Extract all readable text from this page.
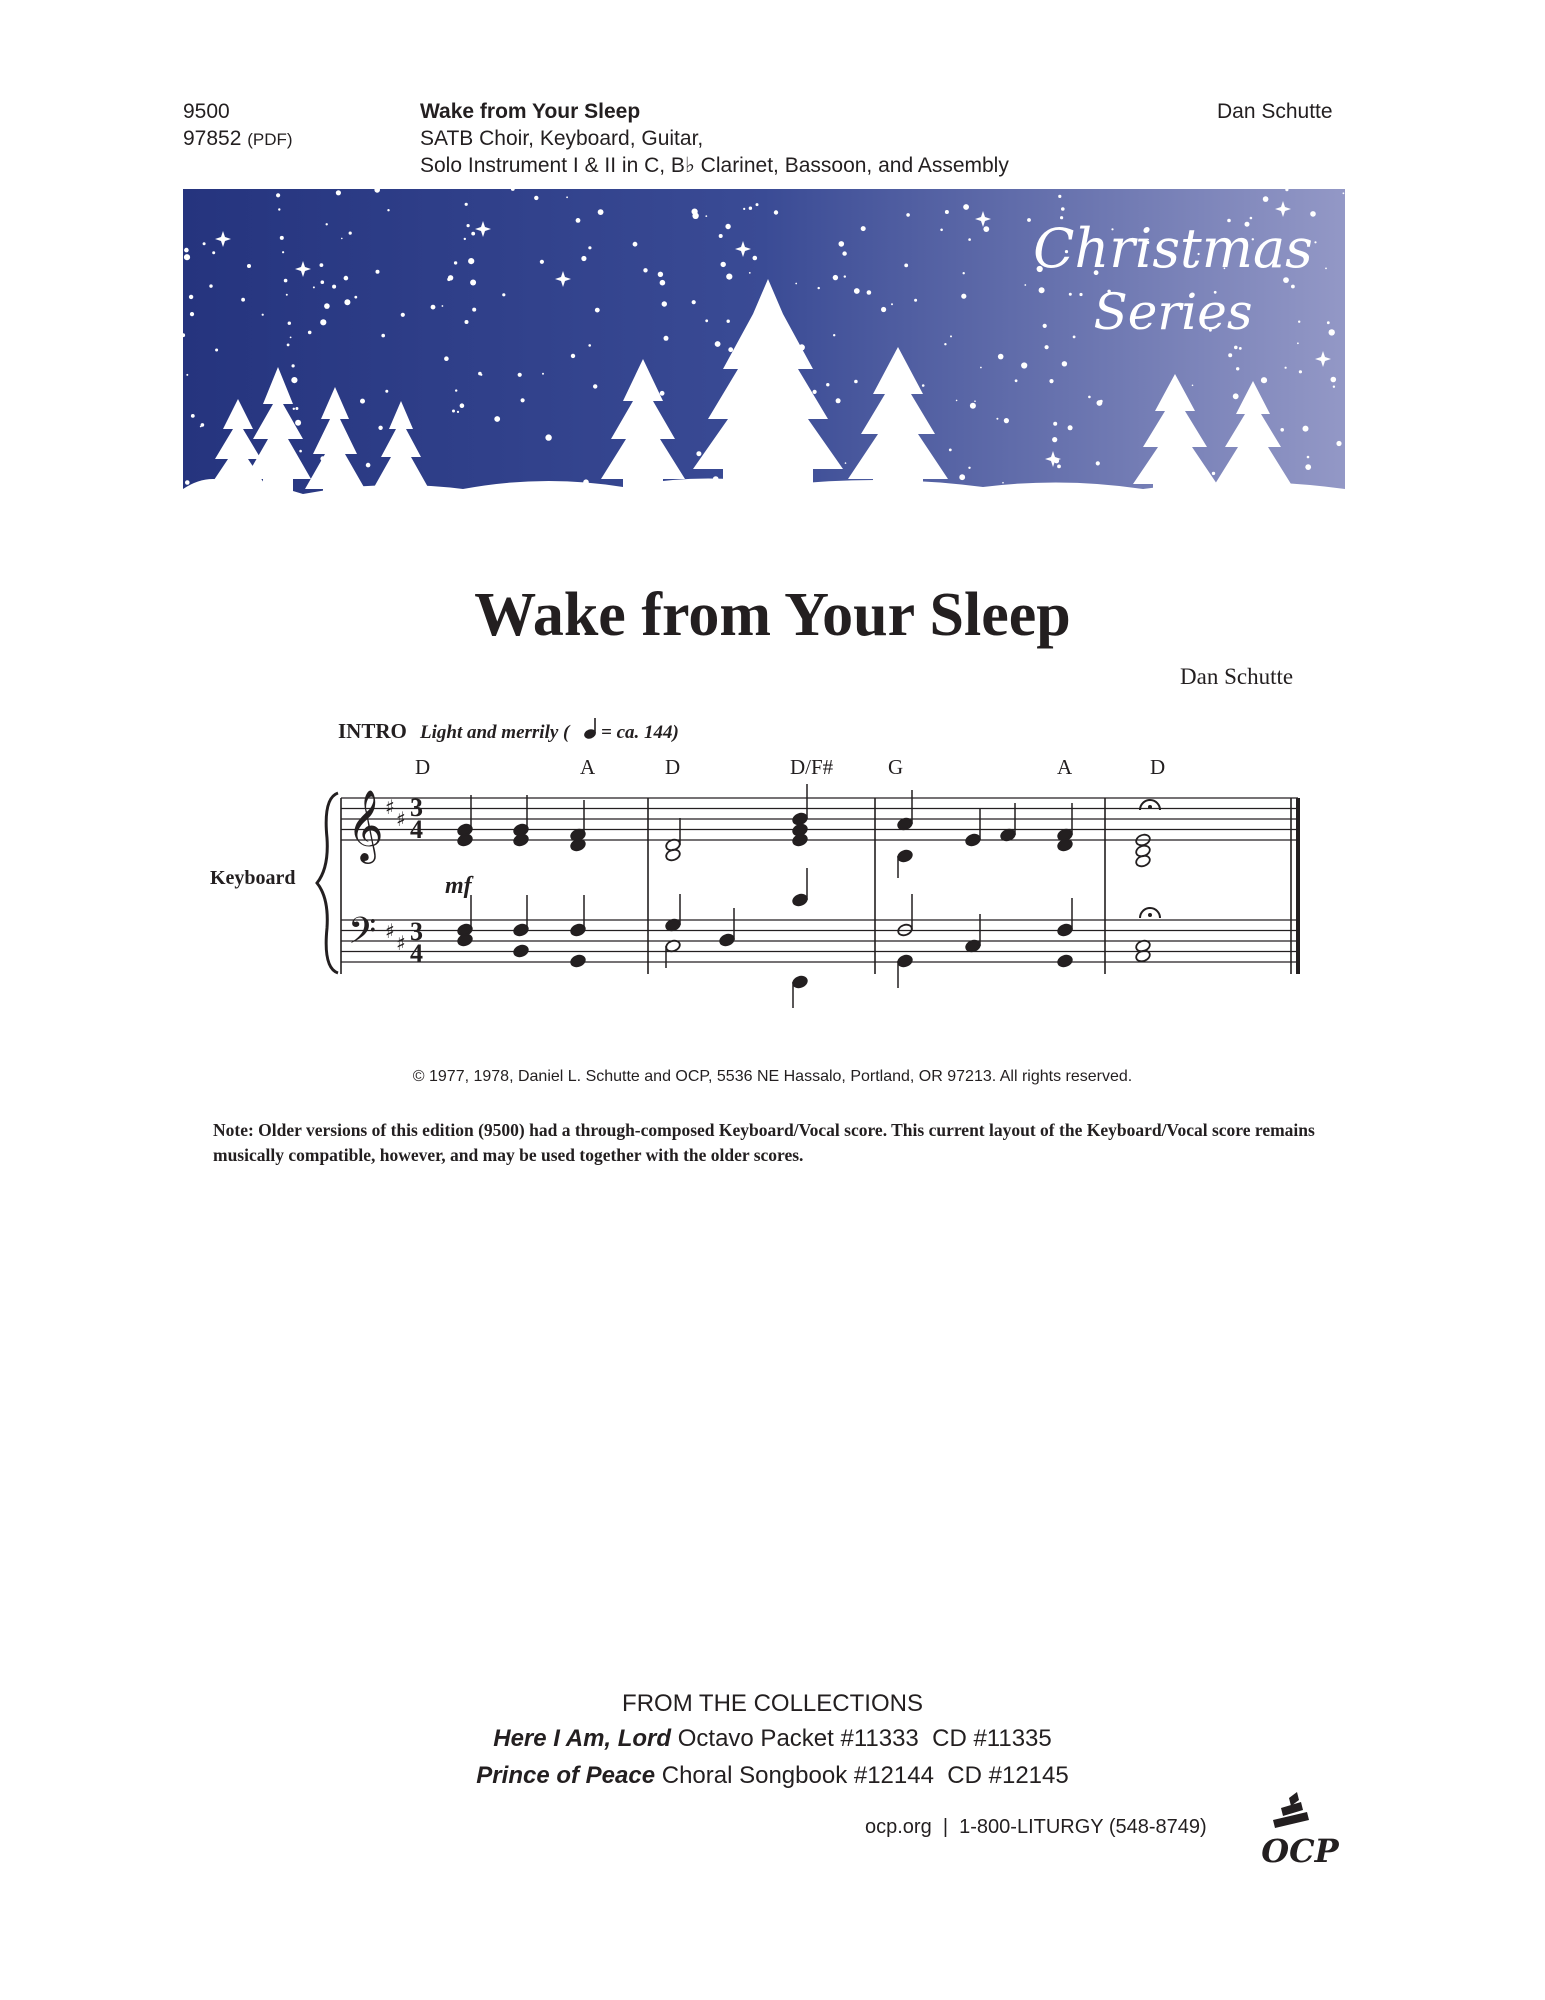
9500
97852 (PDF)
Wake from Your Sleep
SATB Choir, Keyboard, Guitar,
Solo Instrument I & II in C, B♭ Clarinet, Bassoon, and Assembly
Dan Schutte
Christmas
Series
Wake from Your Sleep
Dan Schutte
INTRO Light and merrily ( = ca. 144)
D	A	D	D/F#	G	A	D
Keyboard
𝄞
𝄢
♯ ♯
♯ ♯
3
4
3
4
mf
© 1977, 1978, Daniel L. Schutte and OCP, 5536 NE Hassalo, Portland, OR 97213. All rights reserved.
Note: Older versions of this edition (9500) had a through-composed Keyboard/Vocal score. This current layout of the Keyboard/Vocal score remains musically compatible, however, and may be used together with the older scores.
FROM THE COLLECTIONS
Here I Am, Lord Octavo Packet #11333  CD #11335
Prince of Peace Choral Songbook #12144  CD #12145
ocp.org  |  1-800-LITURGY (548-8749)
OCP
